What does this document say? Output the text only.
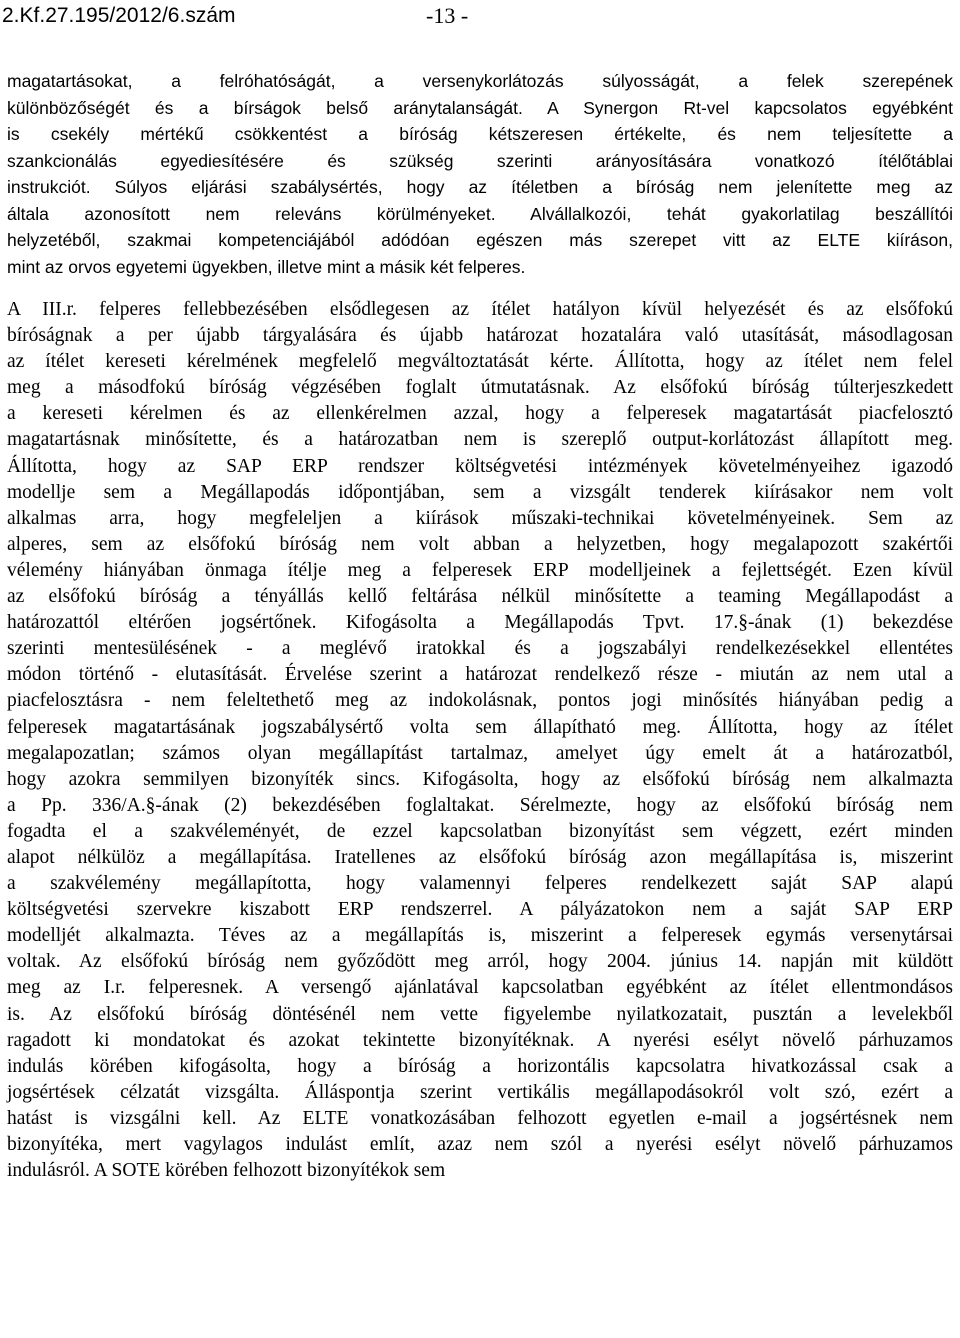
2.Kf.27.195/2012/6.szám	-13 -
magatartásokat, a felróhatóságát, a versenykorlátozás súlyosságát, a felek szerepének
különbözőségét és a bírságok belső aránytalanságát. A Synergon Rt-vel kapcsolatos egyébként
is csekély mértékű csökkentést a bíróság kétszeresen értékelte, és nem teljesítette a
szankcionálás egyediesítésére és szükség szerinti arányosítására vonatkozó ítélőtáblai
instrukciót. Súlyos eljárási szabálysértés, hogy az ítéletben a bíróság nem jelenítette meg az
általa azonosított nem releváns körülményeket. Alvállalkozói, tehát gyakorlatilag beszállítói
helyzetéből, szakmai kompetenciájából adódóan egészen más szerepet vitt az ELTE kiíráson,
mint az orvos egyetemi ügyekben, illetve mint a másik két felperes.
A III.r. felperes fellebbezésében elsődlegesen az ítélet hatályon kívül helyezését és az elsőfokú
bíróságnak a per újabb tárgyalására és újabb határozat hozatalára való utasítását, másodlagosan
az ítélet kereseti kérelmének megfelelő megváltoztatását kérte. Állította, hogy az ítélet nem felel
meg a másodfokú bíróság végzésében foglalt útmutatásnak. Az elsőfokú bíróság túlterjeszkedett
a kereseti kérelmen és az ellenkérelmen azzal, hogy a felperesek magatartását piacfelosztó
magatartásnak minősítette, és a határozatban nem is szereplő output-korlátozást állapított meg.
Állította, hogy az SAP ERP rendszer költségvetési intézmények követelményeihez igazodó
modellje sem a Megállapodás időpontjában, sem a vizsgált tenderek kiírásakor nem volt
alkalmas arra, hogy megfeleljen a kiírások műszaki-technikai követelményeinek. Sem az
alperes, sem az elsőfokú bíróság nem volt abban a helyzetben, hogy megalapozott szakértői
vélemény hiányában önmaga ítélje meg a felperesek ERP modelljeinek a fejlettségét. Ezen kívül
az elsőfokú bíróság a tényállás kellő feltárása nélkül minősítette a teaming Megállapodást a
határozattól eltérően jogsértőnek. Kifogásolta a Megállapodás Tpvt. 17.§-ának (1) bekezdése
szerinti mentesülésének - a meglévő iratokkal és a jogszabályi rendelkezésekkel ellentétes
módon történő - elutasítását. Érvelése szerint a határozat rendelkező része - miután az nem utal a
piacfelosztásra - nem feleltethető meg az indokolásnak, pontos jogi minősítés hiányában pedig a
felperesek magatartásának jogszabálysértő volta sem állapítható meg. Állította, hogy az ítélet
megalapozatlan; számos olyan megállapítást tartalmaz, amelyet úgy emelt át a határozatból,
hogy azokra semmilyen bizonyíték sincs. Kifogásolta, hogy az elsőfokú bíróság nem alkalmazta
a Pp. 336/A.§-ának (2) bekezdésében foglaltakat. Sérelmezte, hogy az elsőfokú bíróság nem
fogadta el a szakvéleményét, de ezzel kapcsolatban bizonyítást sem végzett, ezért minden
alapot nélkülöz a megállapítása. Iratellenes az elsőfokú bíróság azon megállapítása is, miszerint
a szakvélemény megállapította, hogy valamennyi felperes rendelkezett saját SAP alapú
költségvetési szervekre kiszabott ERP rendszerrel. A pályázatokon nem a saját SAP ERP
modelljét alkalmazta. Téves az a megállapítás is, miszerint a felperesek egymás versenytársai
voltak. Az elsőfokú bíróság nem győződött meg arról, hogy 2004. június 14. napján mit küldött
meg az I.r. felperesnek. A versengő ajánlatával kapcsolatban egyébként az ítélet ellentmondásos
is. Az elsőfokú bíróság döntésénél nem vette figyelembe nyilatkozatait, pusztán a levelekből
ragadott ki mondatokat és azokat tekintette bizonyítéknak. A nyerési esélyt növelő párhuzamos
indulás körében kifogásolta, hogy a bíróság a horizontális kapcsolatra hivatkozással csak a
jogsértések célzatát vizsgálta. Álláspontja szerint vertikális megállapodásokról volt szó, ezért a
hatást is vizsgálni kell. Az ELTE vonatkozásában felhozott egyetlen e-mail a jogsértésnek nem
bizonyítéka, mert vagylagos indulást említ, azaz nem szól a nyerési esélyt növelő párhuzamos
indulásról. A SOTE körében felhozott bizonyítékok sem
